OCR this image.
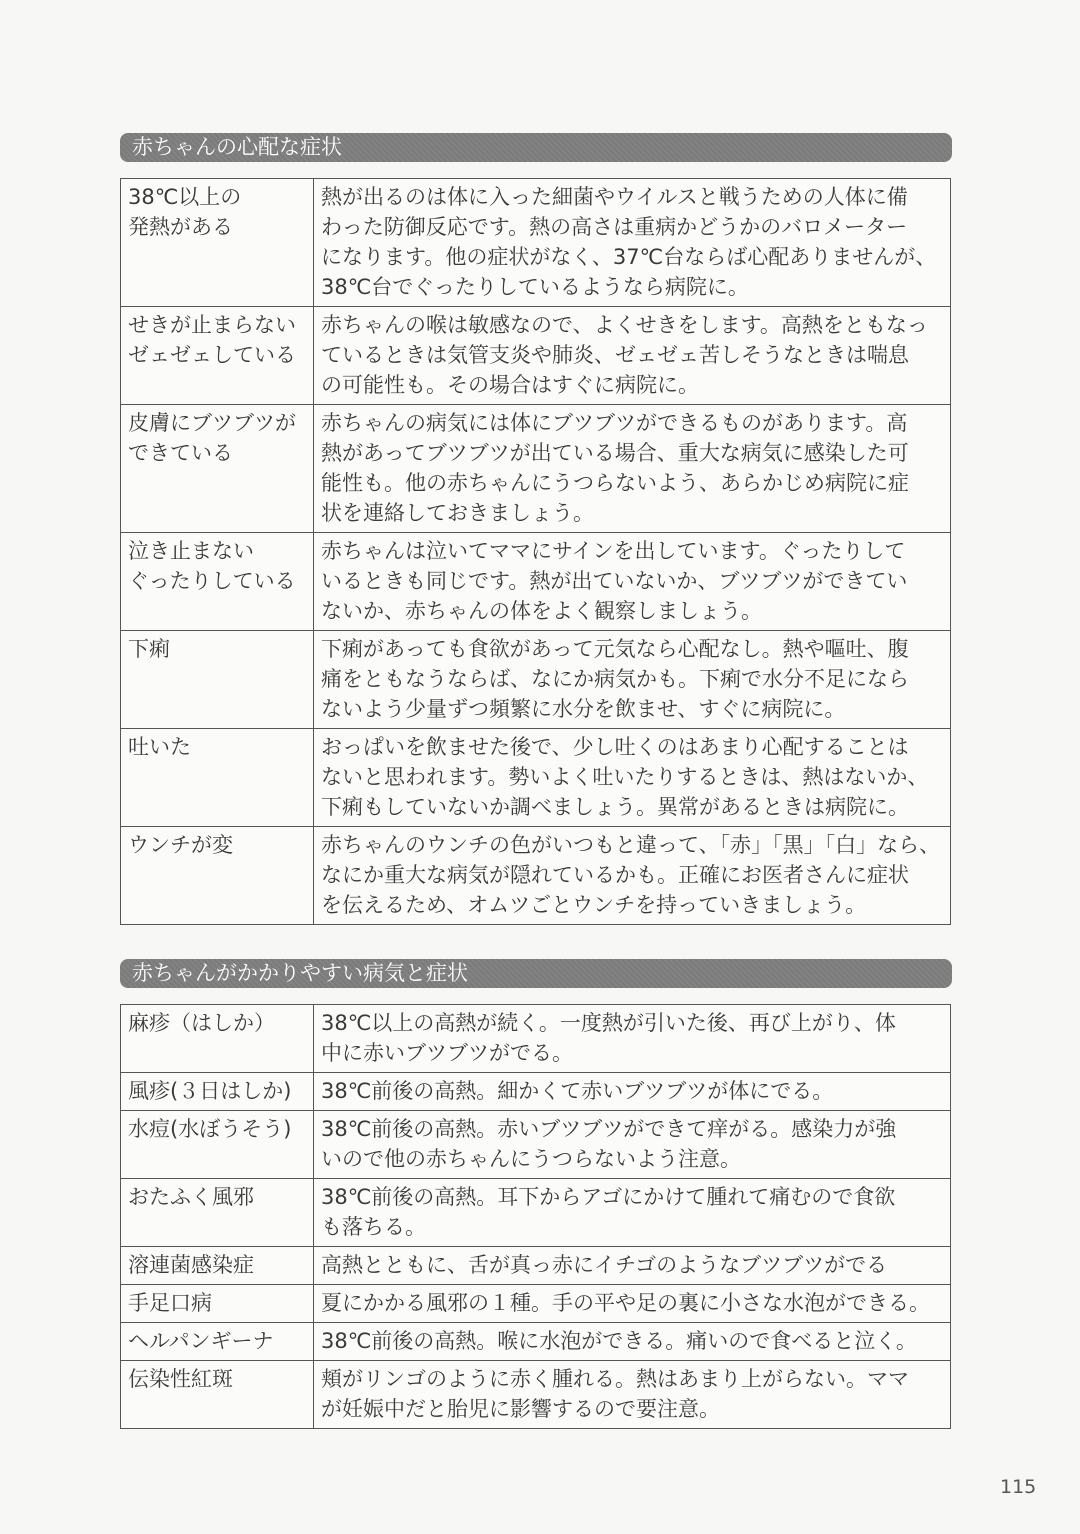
赤ちゃんの心配な症状
38℃以上の
発熱がある	熱が出るのは体に入った細菌やウイルスと戦うための人体に備
わった防御反応です。熱の高さは重病かどうかのバロメーター
になります。他の症状がなく、37℃台ならば心配ありませんが、
38℃台でぐったりしているようなら病院に。

せきが止まらない
ゼェゼェしている	赤ちゃんの喉は敏感なので、よくせきをします。高熱をともなっ
ているときは気管支炎や肺炎、ゼェゼェ苦しそうなときは喘息
の可能性も。その場合はすぐに病院に。

皮膚にブツブツが
できている	赤ちゃんの病気には体にブツブツができるものがあります。高
熱があってブツブツが出ている場合、重大な病気に感染した可
能性も。他の赤ちゃんにうつらないよう、あらかじめ病院に症
状を連絡しておきましょう。

泣き止まない
ぐったりしている	赤ちゃんは泣いてママにサインを出しています。ぐったりして
いるときも同じです。熱が出ていないか、ブツブツができてい
ないか、赤ちゃんの体をよく観察しましょう。

下痢	下痢があっても食欲があって元気なら心配なし。熱や嘔吐、腹
痛をともなうならば、なにか病気かも。下痢で水分不足になら
ないよう少量ずつ頻繁に水分を飲ませ、すぐに病院に。

吐いた	おっぱいを飲ませた後で、少し吐くのはあまり心配することは
ないと思われます。勢いよく吐いたりするときは、熱はないか、
下痢もしていないか調べましょう。異常があるときは病院に。

ウンチが変	赤ちゃんのウンチの色がいつもと違って、「赤」「黒」「白」なら、
なにか重大な病気が隠れているかも。正確にお医者さんに症状
を伝えるため、オムツごとウンチを持っていきましょう。
赤ちゃんがかかりやすい病気と症状
麻疹（はしか）	38℃以上の高熱が続く。一度熱が引いた後、再び上がり、体
中に赤いブツブツがでる。

風疹(３日はしか)	38℃前後の高熱。細かくて赤いブツブツが体にでる。

水痘(水ぼうそう)	38℃前後の高熱。赤いブツブツができて痒がる。感染力が強
いので他の赤ちゃんにうつらないよう注意。

おたふく風邪	38℃前後の高熱。耳下からアゴにかけて腫れて痛むので食欲
も落ちる。

溶連菌感染症	高熱とともに、舌が真っ赤にイチゴのようなブツブツがでる

手足口病	夏にかかる風邪の１種。手の平や足の裏に小さな水泡ができる。

ヘルパンギーナ	38℃前後の高熱。喉に水泡ができる。痛いので食べると泣く。

伝染性紅斑	頬がリンゴのように赤く腫れる。熱はあまり上がらない。ママ
が妊娠中だと胎児に影響するので要注意。
115
